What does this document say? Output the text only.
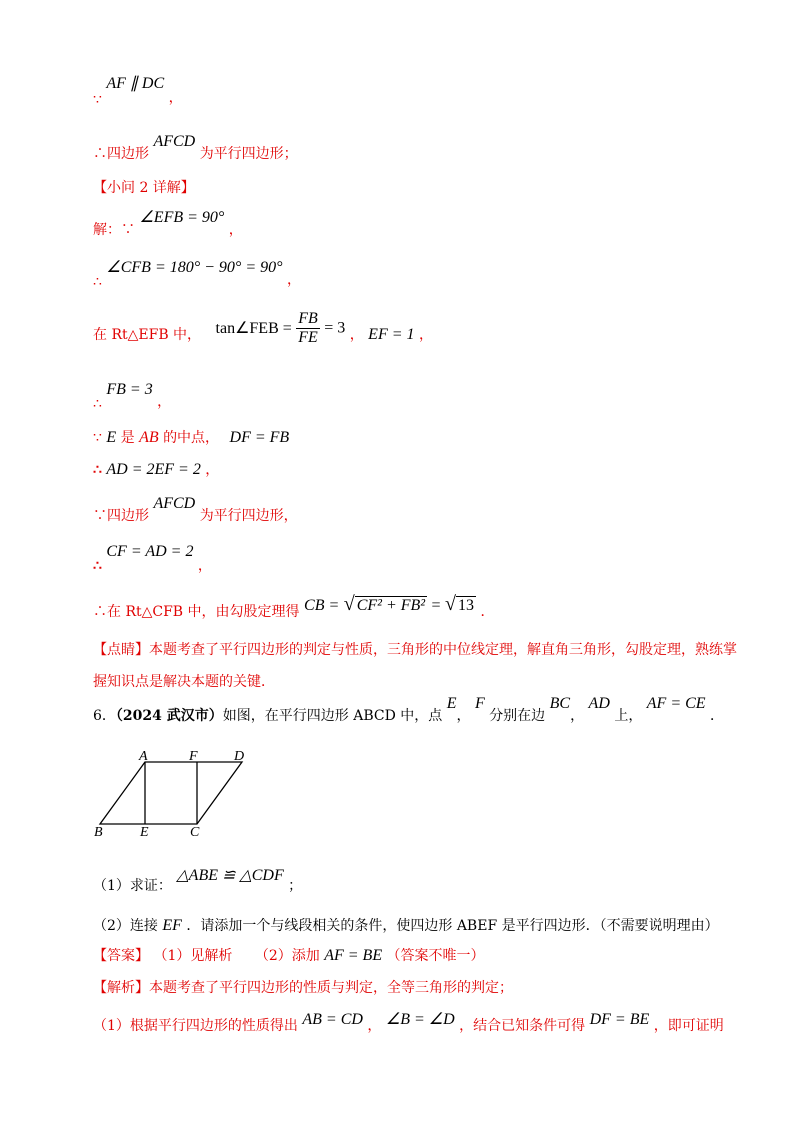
∵ AF ∥ DC ，
∴四边形 AFCD 为平行四边形；
【小问 2 详解】
解：∵ ∠EFB = 90° ，
∴ ∠CFB = 180° − 90° = 90° ，
在 Rt△EFB 中， tan∠FEB = $\frac{FB}{FE} = 3$ ， EF = 1 ，
∴ FB = 3 ，
∵ E 是 AB 的中点， DF = FB
∴ AD = 2EF = 2 ，
∵四边形 AFCD 为平行四边形，
∴ CF = AD = 2 ，
∴在 Rt△CFB 中，由勾股定理得 CB = √ CF² + FB² = √ 13 ．
【点睛】本题考查了平行四边形的判定与性质，三角形的中位线定理，解直角三角形，勾股定理，熟练掌
握知识点是解决本题的关键．
6．（2024 武汉市）如图，在平行四边形 ABCD 中，点 E， F 分别在边 BC， AD 上， AF = CE ．
A	F	D
B	E	C
（1）求证： △ABE ≌ △CDF ；
（2）连接 EF ．请添加一个与线段相关的条件，使四边形 ABEF 是平行四边形．（不需要说明理由）
【答案】 （1）见解析 （2）添加 AF = BE （答案不唯一）
【解析】本题考查了平行四边形的性质与判定，全等三角形的判定；
（1）根据平行四边形的性质得出 AB = CD ， ∠B = ∠D ，结合已知条件可得 DF = BE ，即可证明
